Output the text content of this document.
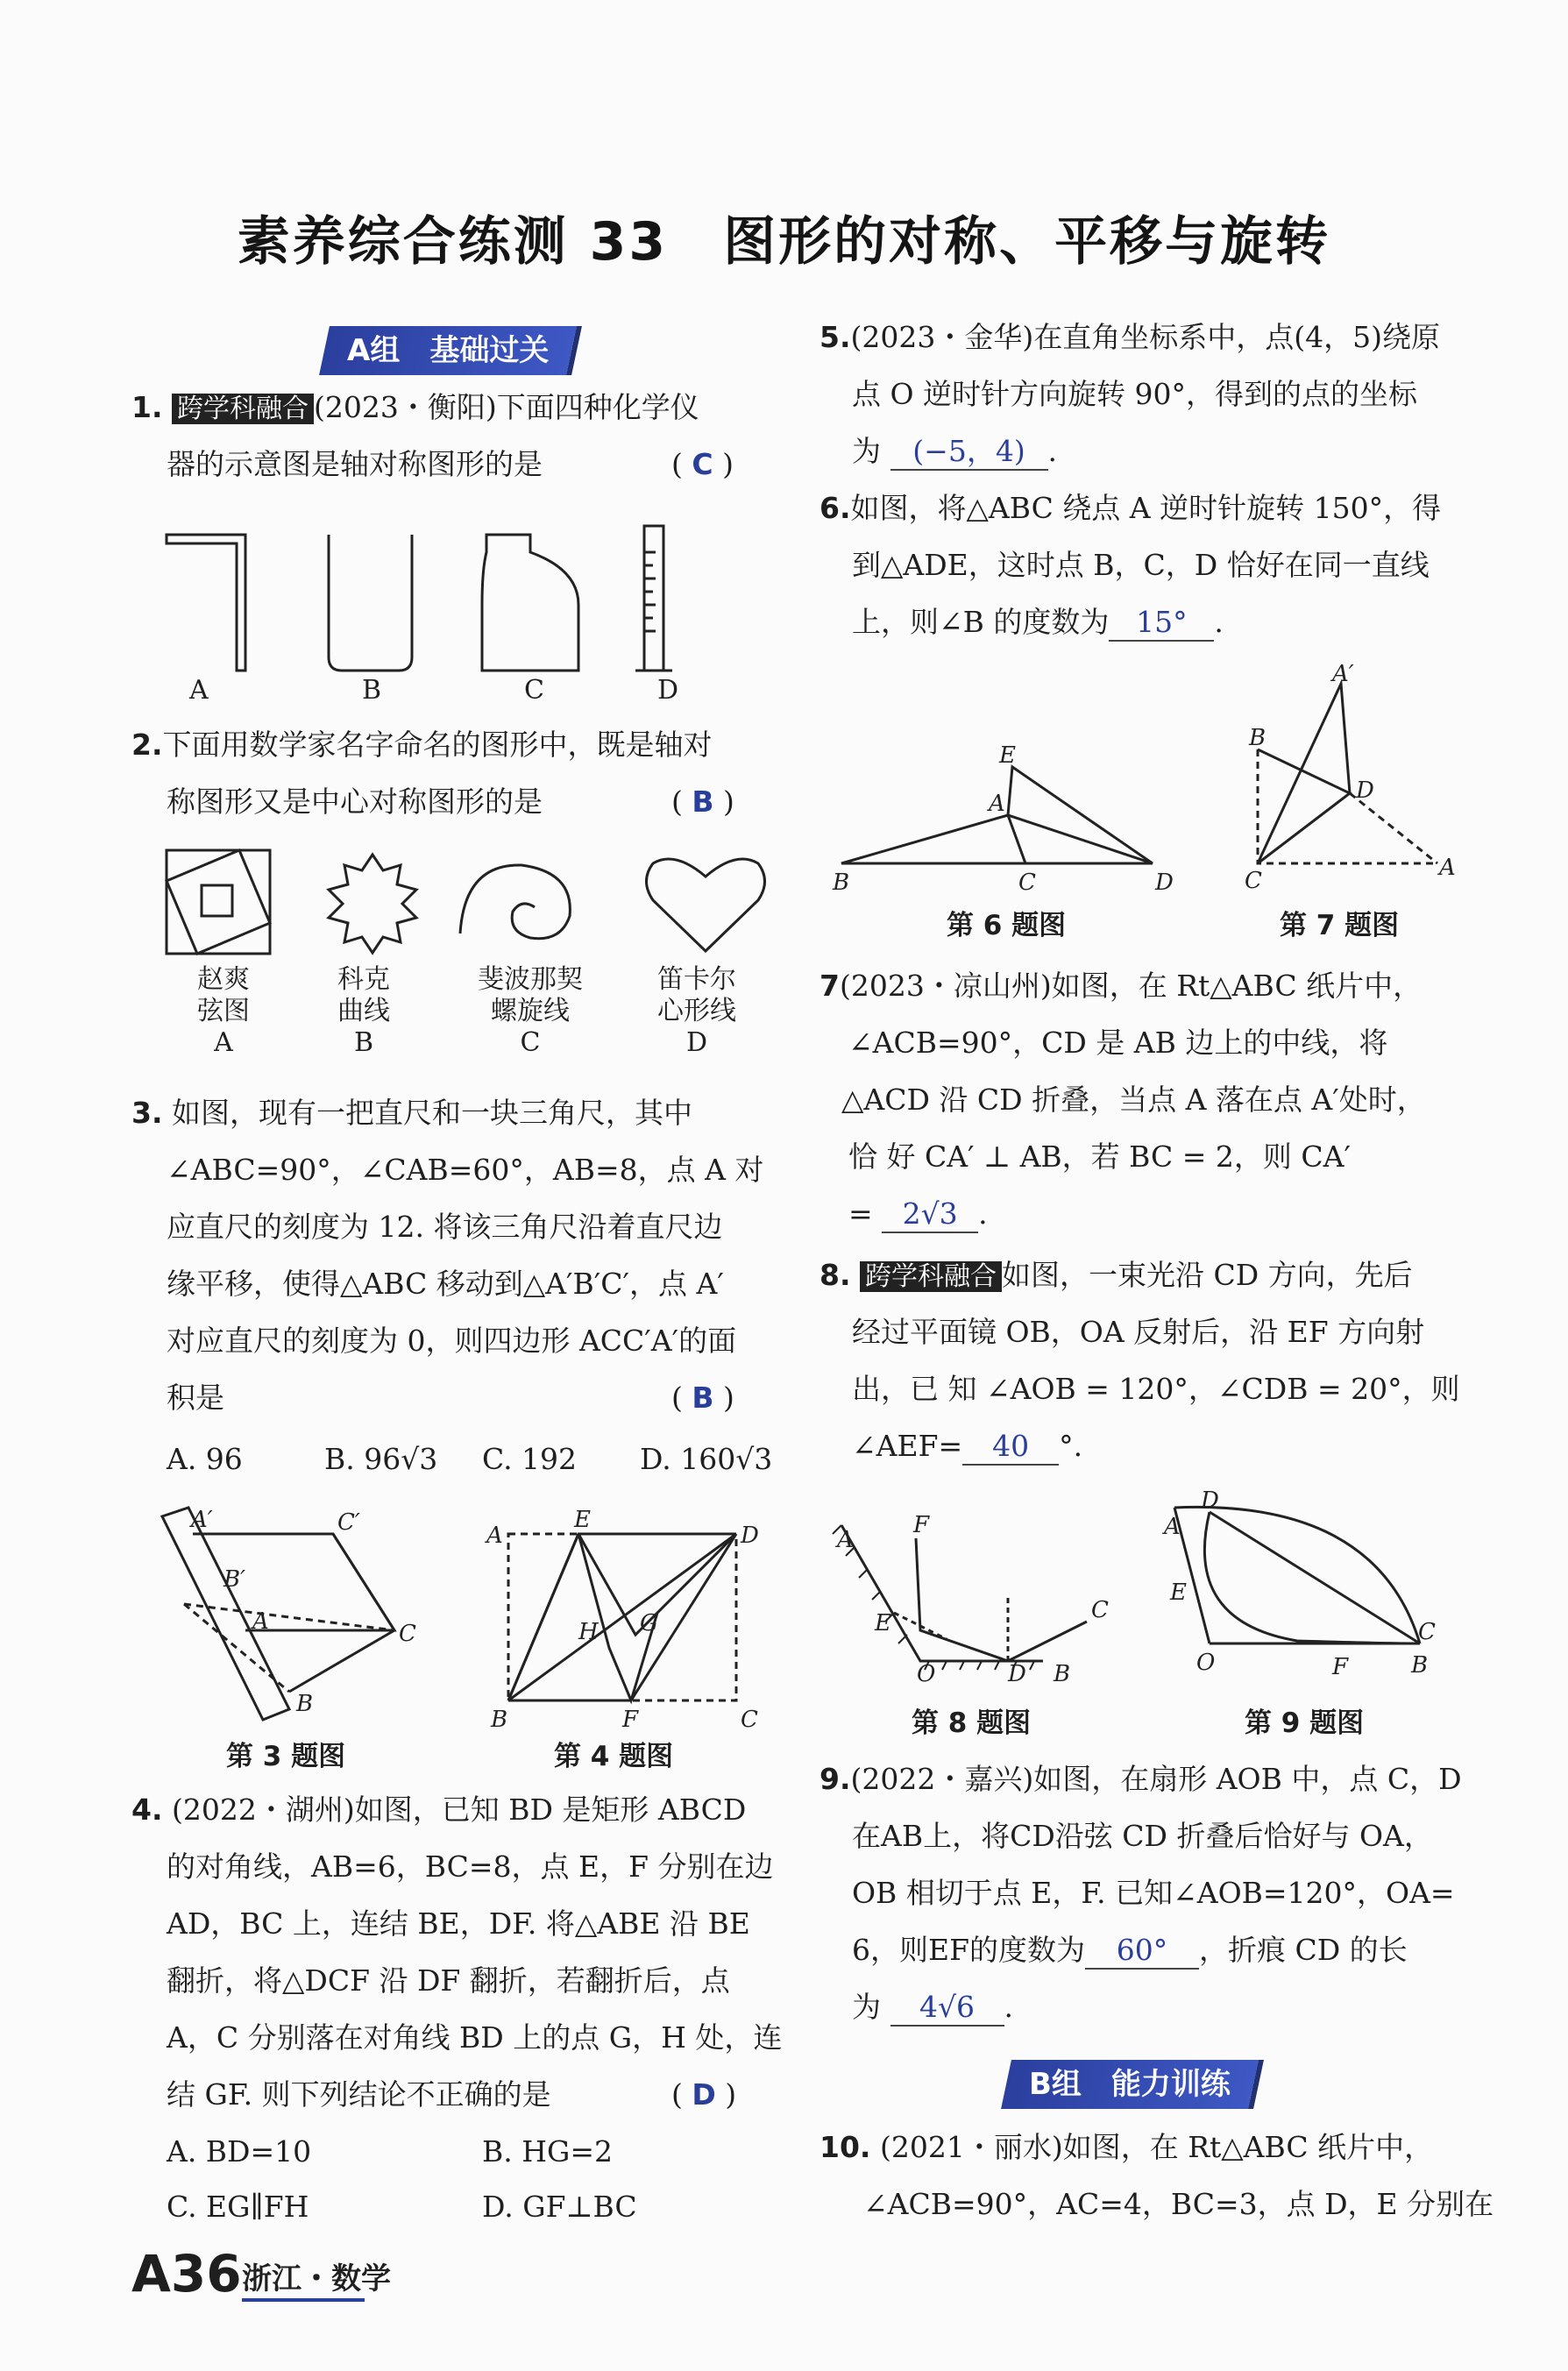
素养综合练测 33　图形的对称、平移与旋转
A组　基础过关
1. 跨学科融合 (2023・衡阳)下面四种化学仪
器的示意图是轴对称图形的是	( C )
A	B	C	D
2.下面用数学家名字命名的图形中，既是轴对
称图形又是中心对称图形的是	( B )
赵爽
弦图
A
科克
曲线
B
斐波那契
螺旋线
C
笛卡尔
心形线
D
3. 如图，现有一把直尺和一块三角尺，其中
∠ABC=90°，∠CAB=60°，AB=8，点 A 对
应直尺的刻度为 12. 将该三角尺沿着直尺边
缘平移，使得△ABC 移动到△A′B′C′，点 A′
对应直尺的刻度为 0，则四边形 ACC′A′的面
积是	( B )
A. 96	B. 96√3 C. 192 D. 160√3
A′	C′
B′
A	C
B
A
E
D
H G
B	F	C
第 3 题图	第 4 题图
4. (2022・湖州)如图，已知 BD 是矩形 ABCD
的对角线，AB=6，BC=8，点 E，F 分别在边
AD，BC 上，连结 BE，DF. 将△ABE 沿 BE
翻折，将△DCF 沿 DF 翻折，若翻折后，点
A，C 分别落在对角线 BD 上的点 G，H 处，连
结 GF. 则下列结论不正确的是	( D )
A. BD=10	B. HG=2
C. EG∥FH	D. GF⊥BC
5.(2023・金华)在直角坐标系中，点(4，5)绕原
点 O 逆时针方向旋转 90°，得到的点的坐标
为 (−5，4) .
6.如图，将△ABC 绕点 A 逆时针旋转 150°，得
到△ADE，这时点 B，C，D 恰好在同一直线
上，则∠B 的度数为 15° .
E
A
B	C	D
B
A′
D
C	A
第 6 题图	第 7 题图
7(2023・凉山州)如图，在 Rt△ABC 纸片中，
∠ACB=90°，CD 是 AB 边上的中线，将
△ACD 沿 CD 折叠，当点 A 落在点 A′处时，
恰 好 CA′ ⊥ AB，若 BC = 2，则 CA′
= 2√3 .
8. 跨学科融合 如图，一束光沿 CD 方向，先后
经过平面镜 OB，OA 反射后，沿 EF 方向射
出，已 知 ∠AOB = 120°，∠CDB = 20°，则
∠AEF= 40 °.
A
F
E
O	D
C
B
A
D
E
O	F
C
B
第 8 题图	第 9 题图
9.(2022・嘉兴)如图，在扇形 AOB 中，点 C，D
在AB上，将CD沿弦 CD 折叠后恰好与 OA，
OB 相切于点 E，F. 已知∠AOB=120°，OA=
6，则EF的度数为 60° ，折痕 CD 的长
为 4√6 .
B组　能力训练
10. (2021・丽水)如图，在 Rt△ABC 纸片中，
∠ACB=90°，AC=4，BC=3，点 D，E 分别在
A36 浙江・数学
